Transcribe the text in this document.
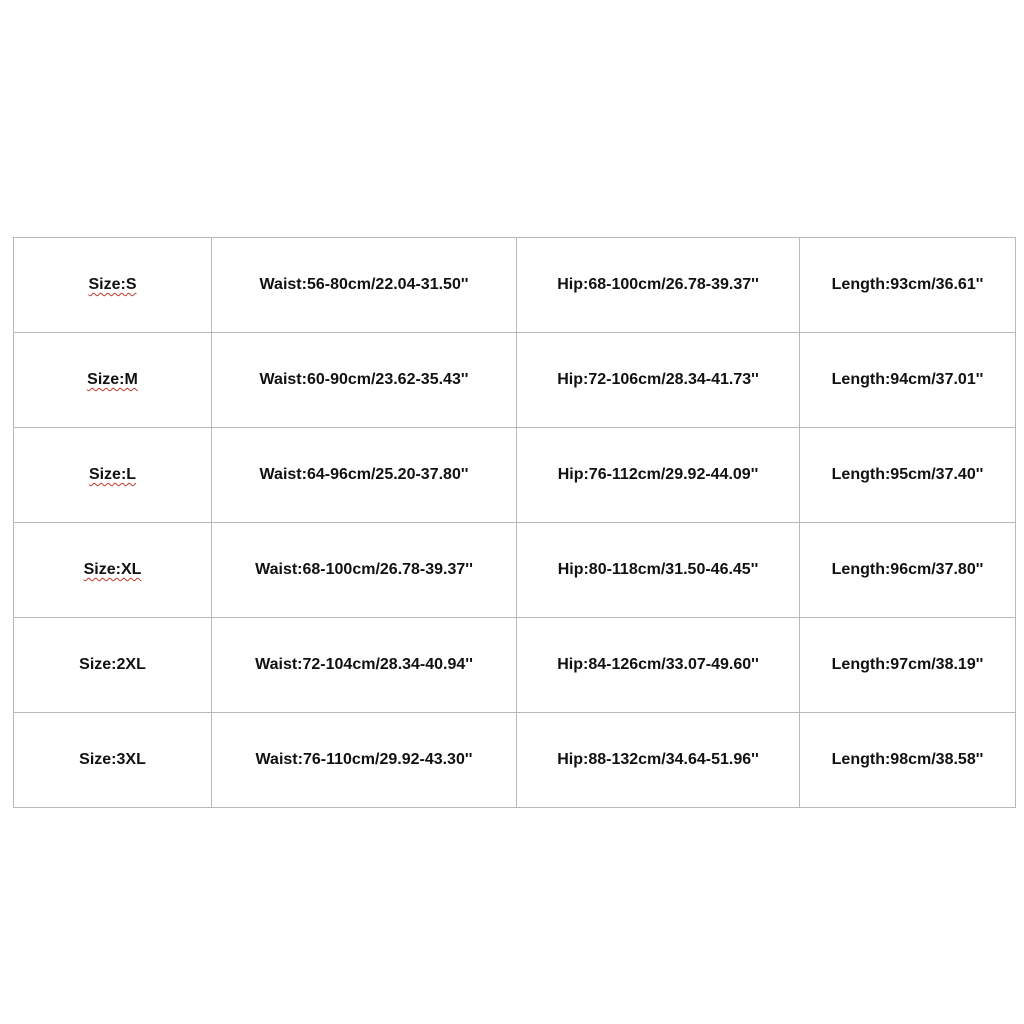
Size:S	Waist:56-80cm/22.04-31.50''	Hip:68-100cm/26.78-39.37''	Length:93cm/36.61''
Size:M	Waist:60-90cm/23.62-35.43''	Hip:72-106cm/28.34-41.73''	Length:94cm/37.01''
Size:L	Waist:64-96cm/25.20-37.80''	Hip:76-112cm/29.92-44.09''	Length:95cm/37.40''
Size:XL	Waist:68-100cm/26.78-39.37''	Hip:80-118cm/31.50-46.45''	Length:96cm/37.80''
Size:2XL	Waist:72-104cm/28.34-40.94''	Hip:84-126cm/33.07-49.60''	Length:97cm/38.19''
Size:3XL	Waist:76-110cm/29.92-43.30''	Hip:88-132cm/34.64-51.96''	Length:98cm/38.58''
